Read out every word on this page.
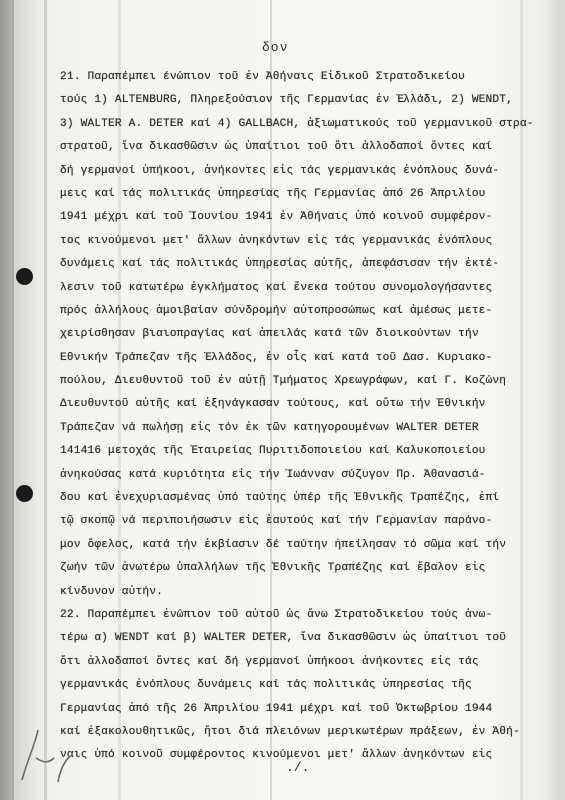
δον
21. Παραπέμπει ένώπιον τοῦ ἐν Ἀθήναις Εἰδικοῦ Στρατοδικείου
τούς 1) ALTENBURG, Πληρεξούσιον τῆς Γερμανίας ἐν Ἑλλάδι, 2) WENDT,
3) WALTER A. DETER καί 4) GALLBACH, ἀξιωματικούς τοῦ γερμανικοῦ στρα-
στρατοῦ, ἵνα δικασθῶσιν ὡς ὑπαίτιοι τοῦ ὅτι ἀλλοδαποί ὄντες καί
δή γερμανοί ὑπήκοοι, ἀνήκοντες εἰς τάς γερμανικάς ἐνόπλους δυνά-
μεις καί τάς πολιτικάς ὑπηρεσίας τῆς Γερμανίας ἀπό 26 Ἀπριλίου
1941 μέχρι καί τοῦ Ἰουνίου 1941 ἐν Ἀθήναις ὑπό κοινοῦ συμφέρον-
τος κινούμενοι μετ' ἄλλων ἀνηκόντων εἰς τάς γερμανικάς ἐνόπλους
δυνάμεις καί τάς πολιτικάς ὑπηρεσίας αὐτῆς, ἀπεφάσισαν τήν ἐκτέ-
λεσιν τοῦ κατωτέρω ἐγκλήματος καί ἕνεκα τούτου συνομολογήσαντες
πρός ἀλλήλους ἀμοιβαίαν σύνδρομήν αὐτοπροσώπως καί ἀμέσως μετε-
χειρίσθησαν βιαιοπραγίας καί ἀπειλάς κατά τῶν διοικούντων τήν
Ἐθνικήν Τράπεζαν τῆς Ἑλλάδος, ἐν οἷς καί κατά τοῦ Δασ. Κυριακο-
πούλου, Διευθυντοῦ τοῦ ἐν αὐτῇ Τμήματος Χρεωγράφων, καί Γ. Κοζώνη
Διευθυντοῦ αὐτῆς καί ἐξηνάγκασαν τούτους, καί οὕτω τήν Ἐθνικήν
Τράπεζαν νά πωλήσῃ εἰς τόν ἐκ τῶν κατηγορουμένων WALTER DETER
141416 μετοχάς τῆς Ἑταιρείας Πυριτιδοποιείου καί Καλυκοποιείου
ἀνηκούσας κατά κυριότητα εἰς τήν Ἰωάνναν σύζυγον Πρ. Ἀθανασιά-
δου καί ἐνεχυριασμένας ὑπό ταύτης ὑπέρ τῆς Ἐθνικῆς Τραπέζης, ἐπί
τῷ σκοπῷ νά περιποιήσωσιν εἰς ἑαυτούς καί τήν Γερμανίαν παράνο-
μον ὄφελος, κατά τήν ἐκβίασιν δέ ταύτην ἠπείλησαν τό σῶμα καί τήν
ζωήν τῶν ἀνωτέρω ὑπαλλήλων τῆς Ἐθνικῆς Τραπέζης καί ἔβαλον εἰς
κίνδυνον αὐτήν.
22. Παραπέμπει ἐνώπιον τοῦ αὐτοῦ ὡς ἄνω Στρατοδικείου τούς ἀνω-
τέρω α) WENDT καί β) WALTER DETER, ἵνα δικασθῶσιν ὡς ὑπαίτιοι τοῦ
ὅτι ἀλλοδαποί ὄντες καί δή γερμανοί ὑπήκοοι ἀνήκοντες εἰς τάς
γερμανικάς ἐνόπλους δυνάμεις καί τάς πολιτικάς ὑπηρεσίας τῆς
Γερμανίας ἀπό τῆς 26 Ἀπριλίου 1941 μέχρι καί τοῦ Ὀκτωβρίου 1944
καί ἐξακολουθητικῶς, ἤτοι διά πλειόνων μερικωτέρων πράξεων, ἐν Ἀθή-
ναις ὑπό κοινοῦ συμφέροντος κινούμενοι μετ' ἄλλων ἀνηκόντων εἰς
./.
